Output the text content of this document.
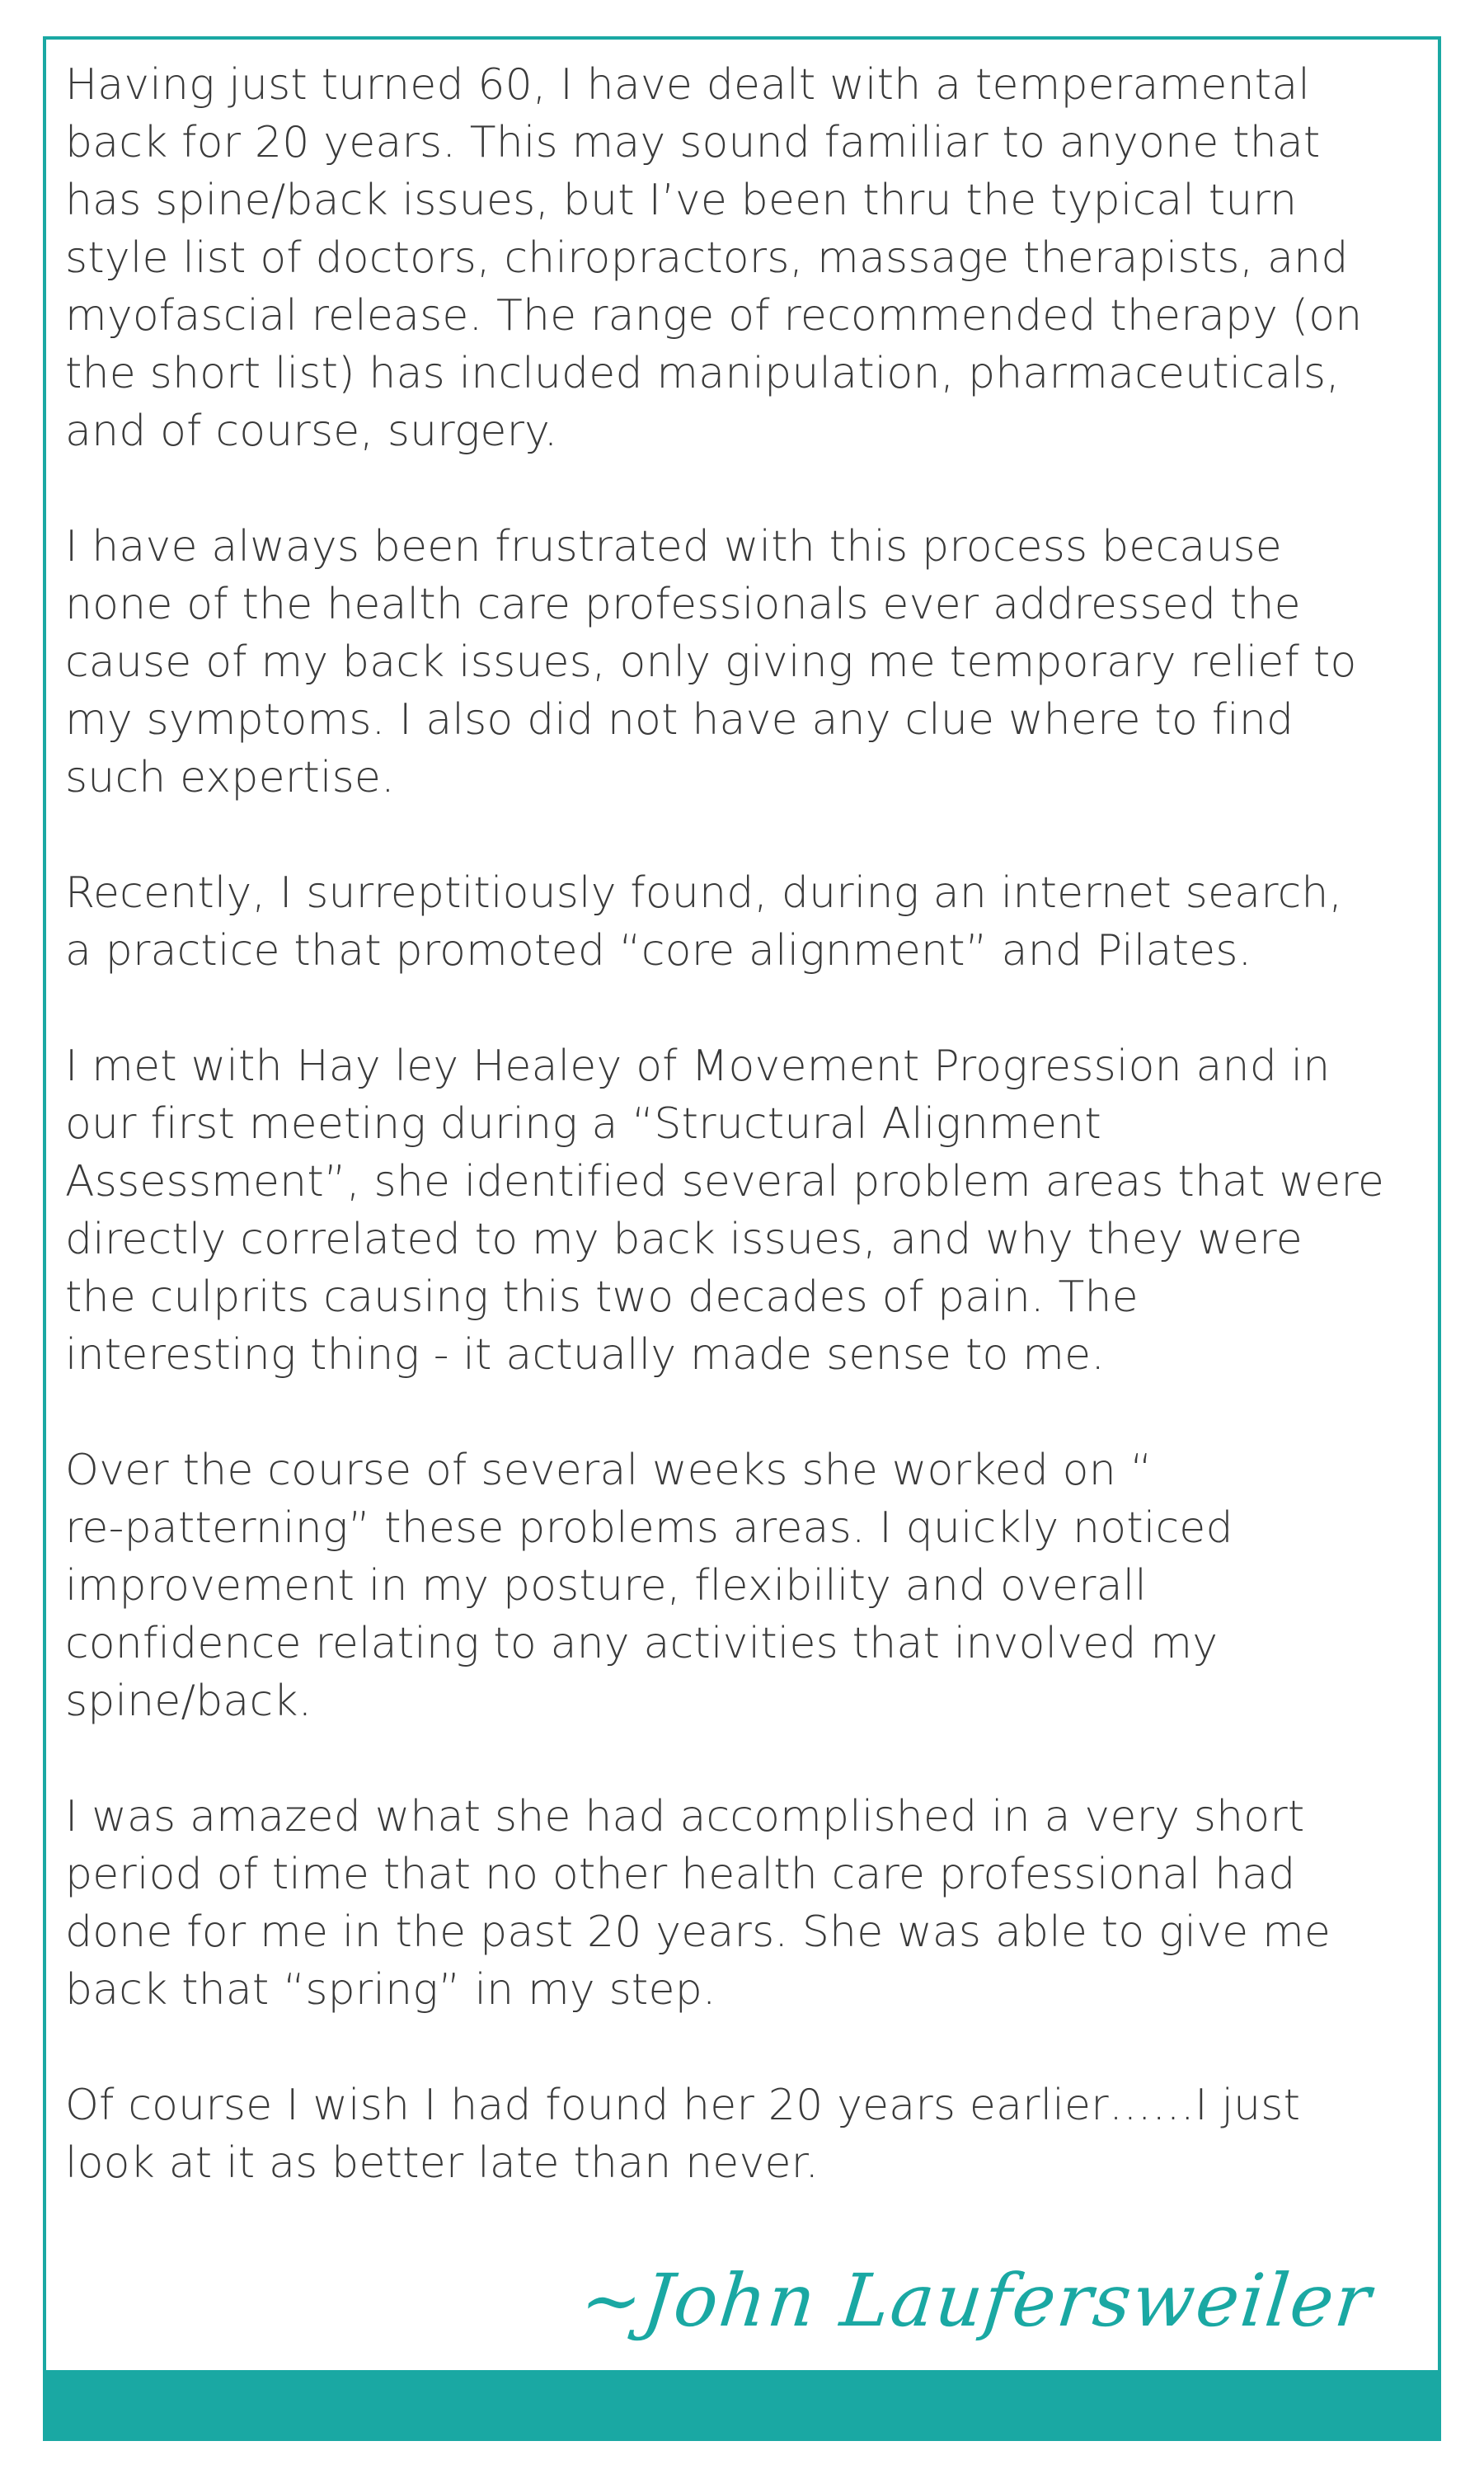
Having just turned 60, I have dealt with a temperamental
back for 20 years. This may sound familiar to anyone that
has spine/back issues, but I’ve been thru the typical turn
style list of doctors, chiropractors, massage therapists, and
myofascial release. The range of recommended therapy (on
the short list) has included manipulation, pharmaceuticals,
and of course, surgery.

I have always been frustrated with this process because
none of the health care professionals ever addressed the
cause of my back issues, only giving me temporary relief to
my symptoms. I also did not have any clue where to find
such expertise.

Recently, I surreptitiously found, during an internet search,
a practice that promoted “core alignment” and Pilates.

I met with Hay ley Healey of Movement Progression and in
our first meeting during a “Structural Alignment
Assessment”, she identified several problem areas that were
directly correlated to my back issues, and why they were
the culprits causing this two decades of pain. The
interesting thing - it actually made sense to me.

Over the course of several weeks she worked on “
re-patterning” these problems areas. I quickly noticed
improvement in my posture, flexibility and overall
confidence relating to any activities that involved my
spine/back.

I was amazed what she had accomplished in a very short
period of time that no other health care professional had
done for me in the past 20 years. She was able to give me
back that “spring” in my step.

Of course I wish I had found her 20 years earlier……I just
look at it as better late than never.

~John Laufersweiler
